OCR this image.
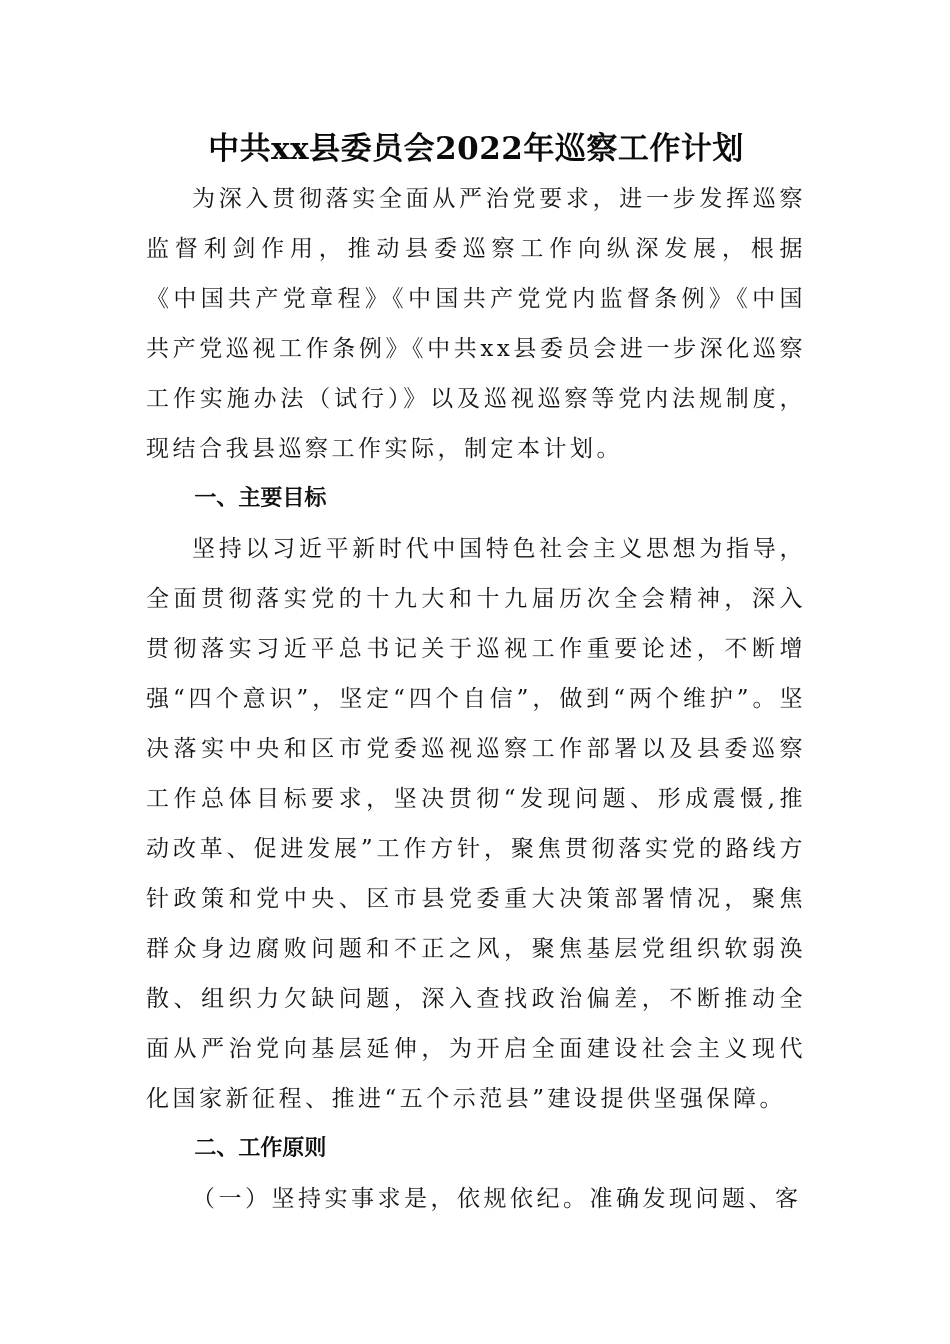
中共xx县委员会2022年巡察工作计划

为深入贯彻落实全面从严治党要求，进一步发挥巡察监督利剑作用，推动县委巡察工作向纵深发展，根据《中国共产党章程》《中国共产党党内监督条例》《中国共产党巡视工作条例》《中共xx县委员会进一步深化巡察工作实施办法（试行）》以及巡视巡察等党内法规制度，现结合我县巡察工作实际，制定本计划。

一、主要目标

坚持以习近平新时代中国特色社会主义思想为指导，全面贯彻落实党的十九大和十九届历次全会精神，深入贯彻落实习近平总书记关于巡视工作重要论述，不断增强“四个意识”，坚定“四个自信”，做到“两个维护”。坚决落实中央和区市党委巡视巡察工作部署以及县委巡察工作总体目标要求，坚决贯彻“发现问题、形成震慑,推动改革、促进发展”工作方针，聚焦贯彻落实党的路线方针政策和党中央、区市县党委重大决策部署情况，聚焦群众身边腐败问题和不正之风，聚焦基层党组织软弱涣散、组织力欠缺问题，深入查找政治偏差，不断推动全面从严治党向基层延伸，为开启全面建设社会主义现代化国家新征程、推进“五个示范县”建设提供坚强保障。

二、工作原则

（一）坚持实事求是，依规依纪。准确发现问题、客
